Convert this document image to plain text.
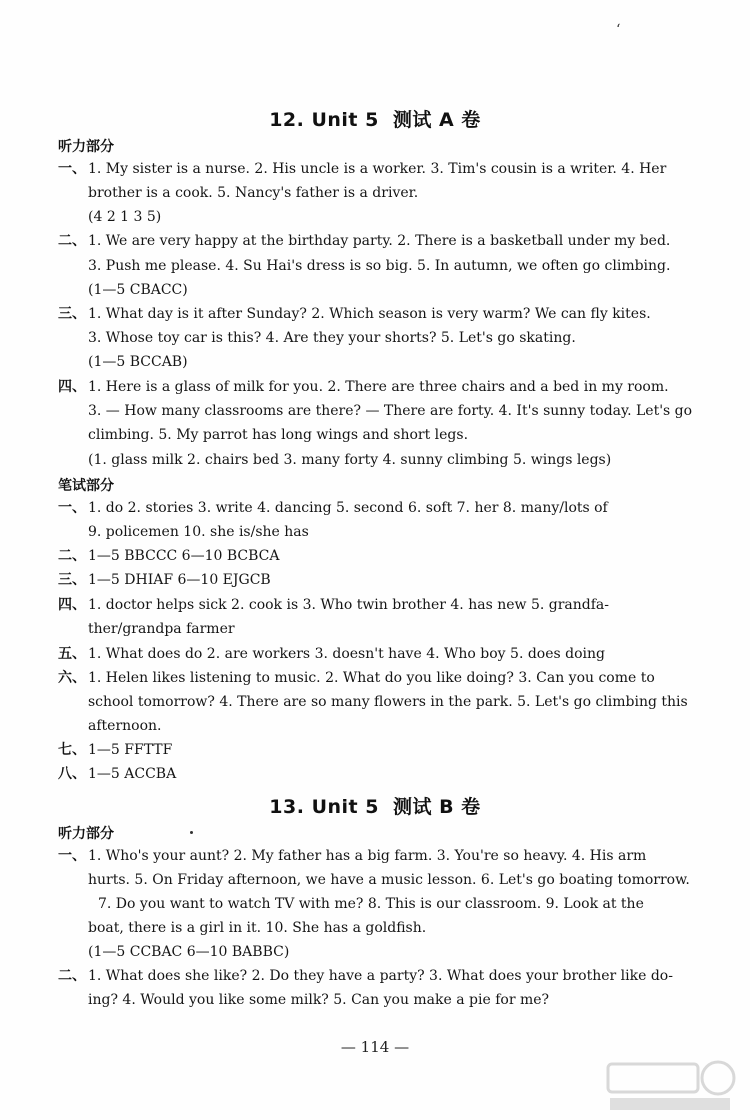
ʻ
12. Unit 5 测试 A 卷
听力部分
一、 1. My sister is a nurse. 2. His uncle is a worker. 3. Tim's cousin is a writer. 4. Her
brother is a cook. 5. Nancy's father is a driver.
(4 2 1 3 5)
二、 1. We are very happy at the birthday party. 2. There is a basketball under my bed.
3. Push me please. 4. Su Hai's dress is so big. 5. In autumn, we often go climbing.
(1—5 CBACC)
三、 1. What day is it after Sunday? 2. Which season is very warm? We can fly kites.
3. Whose toy car is this? 4. Are they your shorts? 5. Let's go skating.
(1—5 BCCAB)
四、 1. Here is a glass of milk for you. 2. There are three chairs and a bed in my room.
3. — How many classrooms are there? — There are forty. 4. It's sunny today. Let's go
climbing. 5. My parrot has long wings and short legs.
(1. glass milk 2. chairs bed 3. many forty 4. sunny climbing 5. wings legs)
笔试部分
一、 1. do 2. stories 3. write 4. dancing 5. second 6. soft 7. her 8. many/lots of
9. policemen 10. she is/she has
二、 1—5 BBCCC 6—10 BCBCA
三、 1—5 DHIAF 6—10 EJGCB
四、 1. doctor helps sick 2. cook is 3. Who twin brother 4. has new 5. grandfa-
ther/grandpa farmer
五、 1. What does do 2. are workers 3. doesn't have 4. Who boy 5. does doing
六、 1. Helen likes listening to music. 2. What do you like doing? 3. Can you come to
school tomorrow? 4. There are so many flowers in the park. 5. Let's go climbing this
afternoon.
七、 1—5 FFTTF
八、 1—5 ACCBA
13. Unit 5 测试 B 卷
听力部分
一、 1. Who's your aunt? 2. My father has a big farm. 3. You're so heavy. 4. His arm
hurts. 5. On Friday afternoon, we have a music lesson. 6. Let's go boating tomorrow.
7. Do you want to watch TV with me? 8. This is our classroom. 9. Look at the
boat, there is a girl in it. 10. She has a goldfish.
(1—5 CCBAC 6—10 BABBC)
二、 1. What does she like? 2. Do they have a party? 3. What does your brother like do-
ing? 4. Would you like some milk? 5. Can you make a pie for me?
— 114 —
